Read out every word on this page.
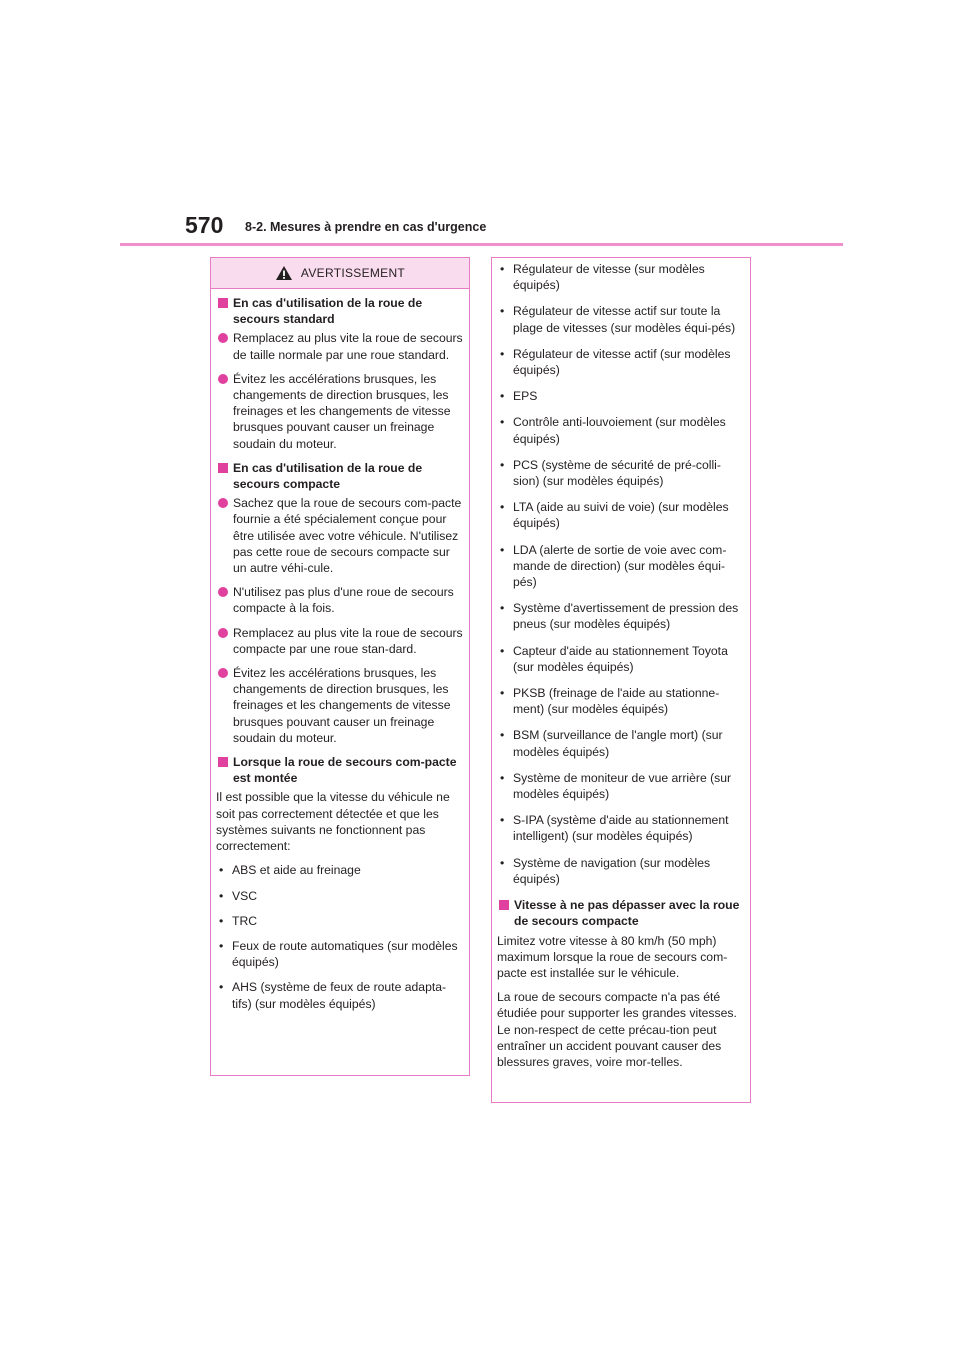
570 8-2. Mesures à prendre en cas d'urgence
AVERTISSEMENT
En cas d'utilisation de la roue de secours standard
Remplacez au plus vite la roue de secours de taille normale par une roue standard.
Évitez les accélérations brusques, les changements de direction brusques, les freinages et les changements de vitesse brusques pouvant causer un freinage soudain du moteur.
En cas d'utilisation de la roue de secours compacte
Sachez que la roue de secours com-pacte fournie a été spécialement conçue pour être utilisée avec votre véhicule. N'utilisez pas cette roue de secours compacte sur un autre véhi-cule.
N'utilisez pas plus d'une roue de secours compacte à la fois.
Remplacez au plus vite la roue de secours compacte par une roue stan-dard.
Évitez les accélérations brusques, les changements de direction brusques, les freinages et les changements de vitesse brusques pouvant causer un freinage soudain du moteur.
Lorsque la roue de secours com-pacte est montée

Il est possible que la vitesse du véhicule ne soit pas correctement détectée et que les systèmes suivants ne fonctionnent pas correctement:

• ABS et aide au freinage
• VSC
• TRC
• Feux de route automatiques (sur modèles équipés)
• AHS (système de feux de route adapta-tifs) (sur modèles équipés)
• Régulateur de vitesse (sur modèles équipés)
• Régulateur de vitesse actif sur toute la plage de vitesses (sur modèles équi-pés)
• Régulateur de vitesse actif (sur modèles équipés)
• EPS
• Contrôle anti-louvoiement (sur modèles équipés)
• PCS (système de sécurité de pré-colli-sion) (sur modèles équipés)
• LTA (aide au suivi de voie) (sur modèles équipés)
• LDA (alerte de sortie de voie avec com-mande de direction) (sur modèles équi-pés)
• Système d'avertissement de pression des pneus (sur modèles équipés)
• Capteur d'aide au stationnement Toyota (sur modèles équipés)
• PKSB (freinage de l'aide au stationne-ment) (sur modèles équipés)
• BSM (surveillance de l'angle mort) (sur modèles équipés)
• Système de moniteur de vue arrière (sur modèles équipés)
• S-IPA (système d'aide au stationnement intelligent) (sur modèles équipés)
• Système de navigation (sur modèles équipés)
Vitesse à ne pas dépasser avec la roue de secours compacte

Limitez votre vitesse à 80 km/h (50 mph) maximum lorsque la roue de secours com-pacte est installée sur le véhicule.

La roue de secours compacte n'a pas été étudiée pour supporter les grandes vitesses. Le non-respect de cette précau-tion peut entraîner un accident pouvant causer des blessures graves, voire mor-telles.
